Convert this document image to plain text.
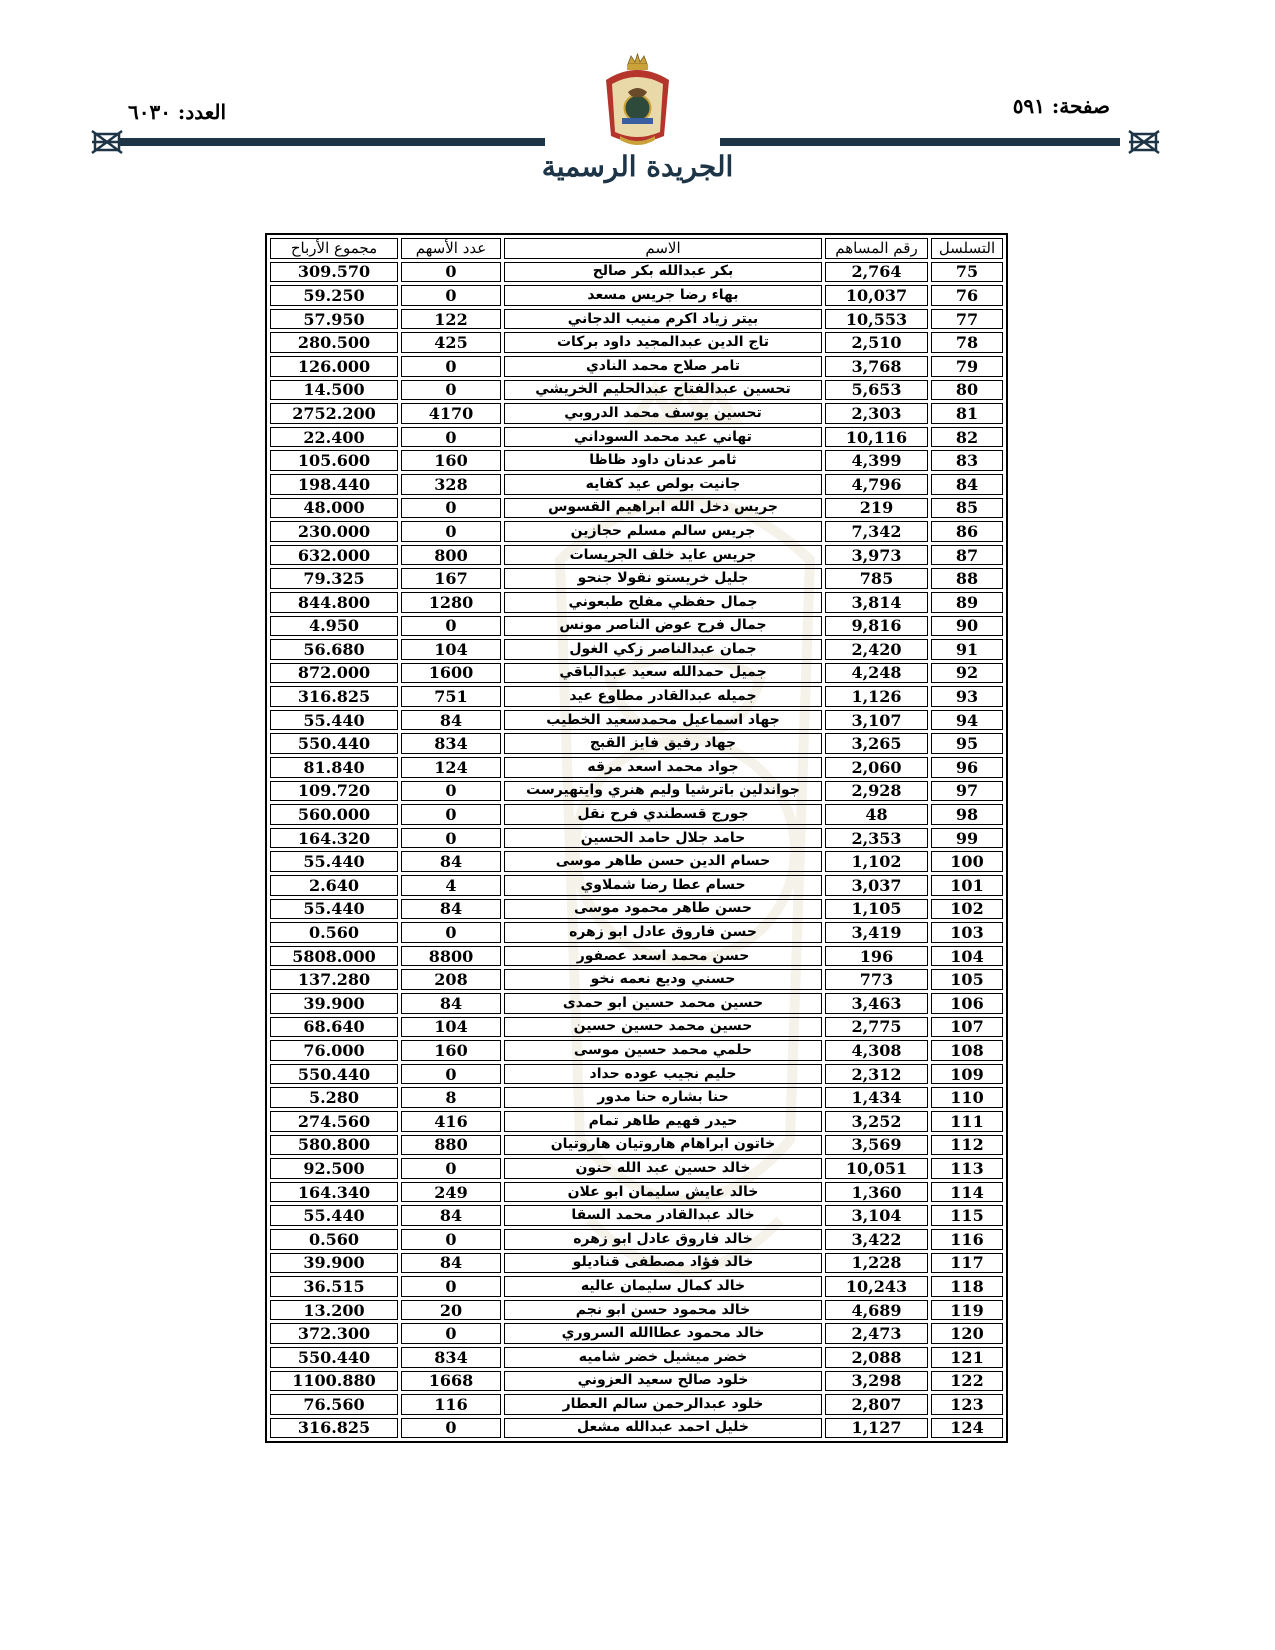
صفحة: ٥٩١
العدد: ٦٠٣٠
الجريدة الرسمية
التسلسل	رقم المساهم	الاسم	عدد الأسهم	مجموع الأرباح
75	2,764	بكر عبدالله بكر صالح	0	309.570
76	10,037	بهاء رضا جريس مسعد	0	59.250
77	10,553	بيتر زياد اكرم منيب الدجاني	122	57.950
78	2,510	تاج الدين عبدالمجيد داود بركات	425	280.500
79	3,768	تامر صلاح محمد النادي	0	126.000
80	5,653	تحسين عبدالفتاح عبدالحليم الخريشي	0	14.500
81	2,303	تحسين يوسف محمد الدروبي	4170	2752.200
82	10,116	تهاني عيد محمد السوداني	0	22.400
83	4,399	ثامر عدنان داود ظاظا	160	105.600
84	4,796	جانيت بولص عيد كفايه	328	198.440
85	219	جريس دخل الله ابراهيم القسوس	0	48.000
86	7,342	جريس سالم مسلم حجازين	0	230.000
87	3,973	جريس عايد خلف الجريسات	800	632.000
88	785	جليل خريستو نقولا جنحو	167	79.325
89	3,814	جمال حفظي مفلح طبعوني	1280	844.800
90	9,816	جمال فرح عوض الناصر مونس	0	4.950
91	2,420	جمان عبدالناصر زكي الغول	104	56.680
92	4,248	جميل حمدالله سعيد عبدالباقي	1600	872.000
93	1,126	جميله عبدالقادر مطاوع عيد	751	316.825
94	3,107	جهاد اسماعيل محمدسعيد الخطيب	84	55.440
95	3,265	جهاد رفيق فايز القبج	834	550.440
96	2,060	جواد محمد اسعد مرقه	124	81.840
97	2,928	جواندلين باترشيا وليم هنري وايتهيرست	0	109.720
98	48	جورج قسطندي فرح نقل	0	560.000
99	2,353	حامد جلال حامد الحسين	0	164.320
100	1,102	حسام الدين حسن طاهر موسى	84	55.440
101	3,037	حسام عطا رضا شملاوي	4	2.640
102	1,105	حسن طاهر محمود موسى	84	55.440
103	3,419	حسن فاروق عادل ابو زهره	0	0.560
104	196	حسن محمد اسعد عصفور	8800	5808.000
105	773	حسني وديع نعمه نخو	208	137.280
106	3,463	حسين محمد حسين ابو حمدى	84	39.900
107	2,775	حسين محمد حسين حسين	104	68.640
108	4,308	حلمي محمد حسين موسى	160	76.000
109	2,312	حليم نجيب عوده حداد	0	550.440
110	1,434	حنا بشاره حنا مدور	8	5.280
111	3,252	حيدر فهيم طاهر تمام	416	274.560
112	3,569	خاتون ابراهام هاروتيان هاروتيان	880	580.800
113	10,051	خالد حسين عبد الله حنون	0	92.500
114	1,360	خالد عايش سليمان ابو علان	249	164.340
115	3,104	خالد عبدالقادر محمد السقا	84	55.440
116	3,422	خالد فاروق عادل ابو زهره	0	0.560
117	1,228	خالد فؤاد مصطفى قناديلو	84	39.900
118	10,243	خالد كمال سليمان عاليه	0	36.515
119	4,689	خالد محمود حسن ابو نجم	20	13.200
120	2,473	خالد محمود عطاالله السروري	0	372.300
121	2,088	خضر ميشيل خضر شاميه	834	550.440
122	3,298	خلود صالح سعيد العزوني	1668	1100.880
123	2,807	خلود عبدالرحمن سالم العطار	116	76.560
124	1,127	خليل احمد عبدالله مشعل	0	316.825
